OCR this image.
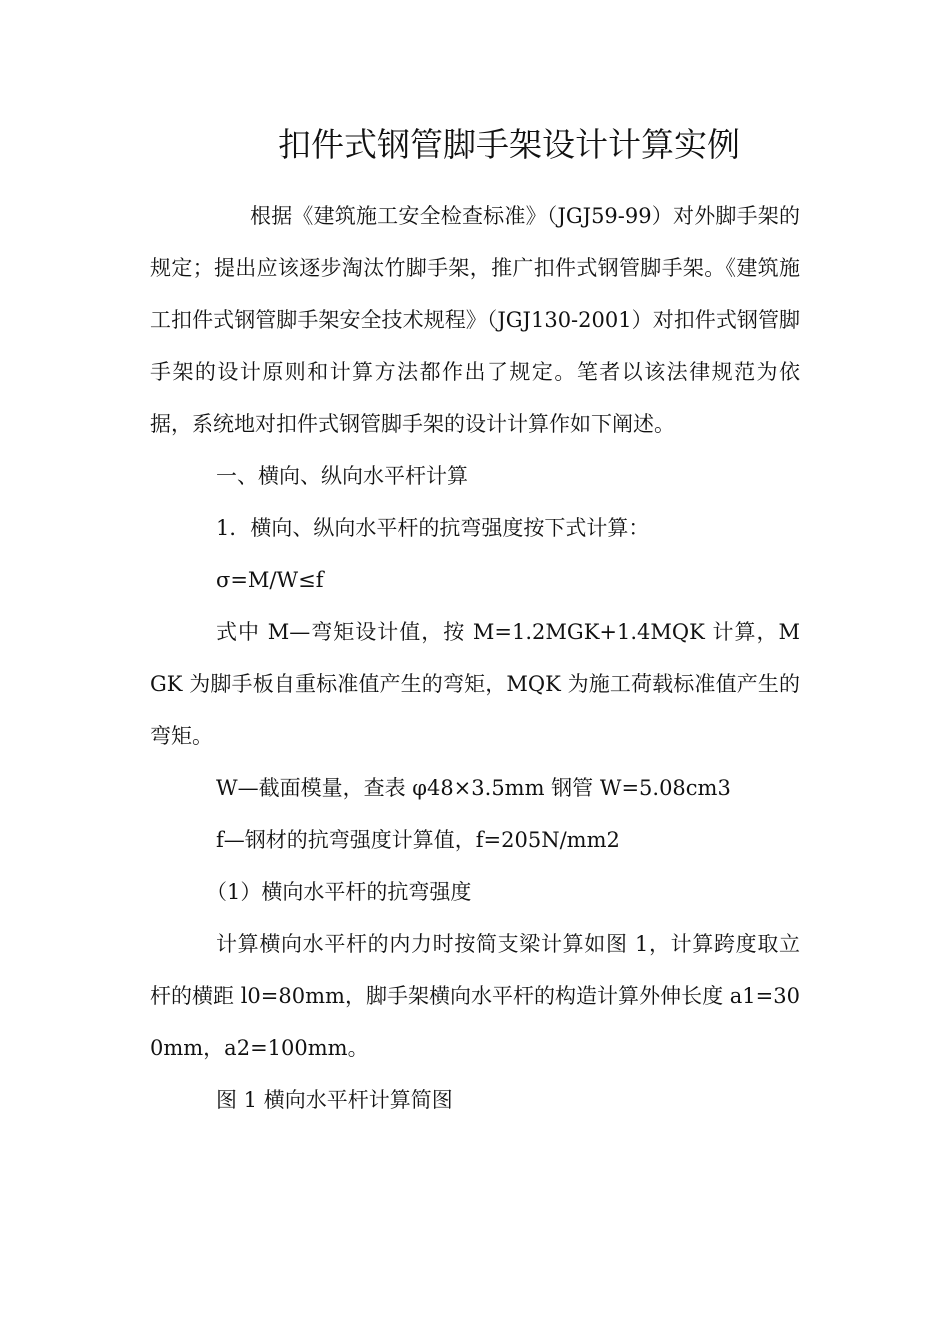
扣件式钢管脚手架设计计算实例

根据《建筑施工安全检查标准》（JGJ59-99）对外脚手架的规定；提出应该逐步淘汰竹脚手架，推广扣件式钢管脚手架。《建筑施工扣件式钢管脚手架安全技术规程》（JGJ130-2001）对扣件式钢管脚手架的设计原则和计算方法都作出了规定。笔者以该法律规范为依据，系统地对扣件式钢管脚手架的设计计算作如下阐述。

一、横向、纵向水平杆计算

1．横向、纵向水平杆的抗弯强度按下式计算：

σ=M/W≤f

式中 M—弯矩设计值，按 M=1.2MGK+1.4MQK 计算，MGK 为脚手板自重标准值产生的弯矩，MQK 为施工荷载标准值产生的弯矩。

W—截面模量，查表 φ48×3.5mm 钢管 W=5.08cm3

f—钢材的抗弯强度计算值，f=205N/mm2

（1）横向水平杆的抗弯强度

计算横向水平杆的内力时按简支梁计算如图 1，计算跨度取立杆的横距 l0=80mm，脚手架横向水平杆的构造计算外伸长度 a1=300mm，a2=100mm。

图 1 横向水平杆计算简图
